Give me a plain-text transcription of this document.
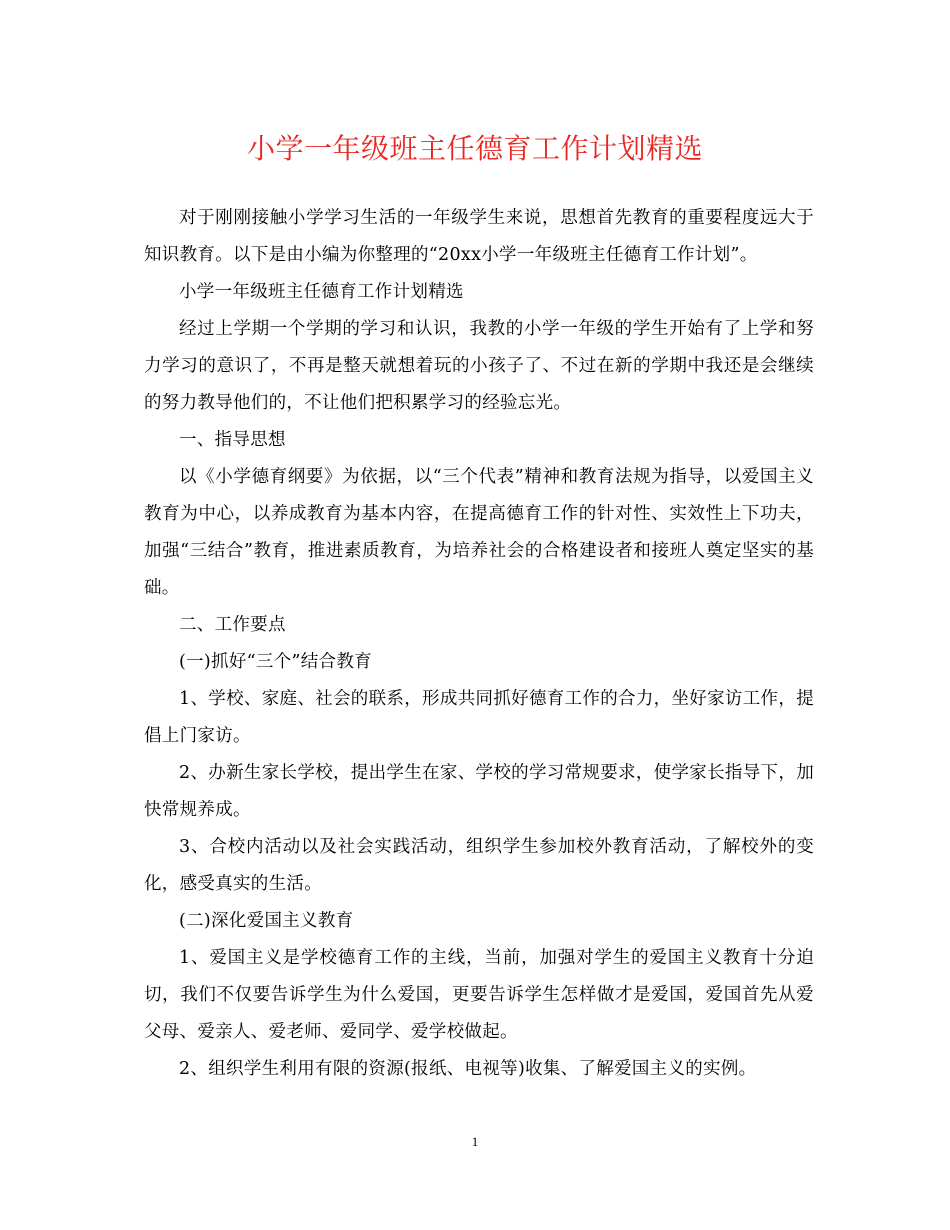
小学一年级班主任德育工作计划精选

对于刚刚接触小学学习生活的一年级学生来说，思想首先教育的重要程度远大于知识教育。以下是由小编为你整理的“20xx小学一年级班主任德育工作计划”。

小学一年级班主任德育工作计划精选

经过上学期一个学期的学习和认识，我教的小学一年级的学生开始有了上学和努力学习的意识了，不再是整天就想着玩的小孩子了、不过在新的学期中我还是会继续的努力教导他们的，不让他们把积累学习的经验忘光。

一、指导思想

以《小学德育纲要》为依据，以“三个代表”精神和教育法规为指导，以爱国主义教育为中心，以养成教育为基本内容，在提高德育工作的针对性、实效性上下功夫，加强“三结合”教育，推进素质教育，为培养社会的合格建设者和接班人奠定坚实的基础。

二、工作要点

(一)抓好“三个”结合教育

1、学校、家庭、社会的联系，形成共同抓好德育工作的合力，坐好家访工作，提倡上门家访。

2、办新生家长学校，提出学生在家、学校的学习常规要求，使学家长指导下，加快常规养成。

3、合校内活动以及社会实践活动，组织学生参加校外教育活动，了解校外的变化，感受真实的生活。

(二)深化爱国主义教育

1、爱国主义是学校德育工作的主线，当前，加强对学生的爱国主义教育十分迫切，我们不仅要告诉学生为什么爱国，更要告诉学生怎样做才是爱国，爱国首先从爱父母、爱亲人、爱老师、爱同学、爱学校做起。

2、组织学生利用有限的资源(报纸、电视等)收集、了解爱国主义的实例。

1
